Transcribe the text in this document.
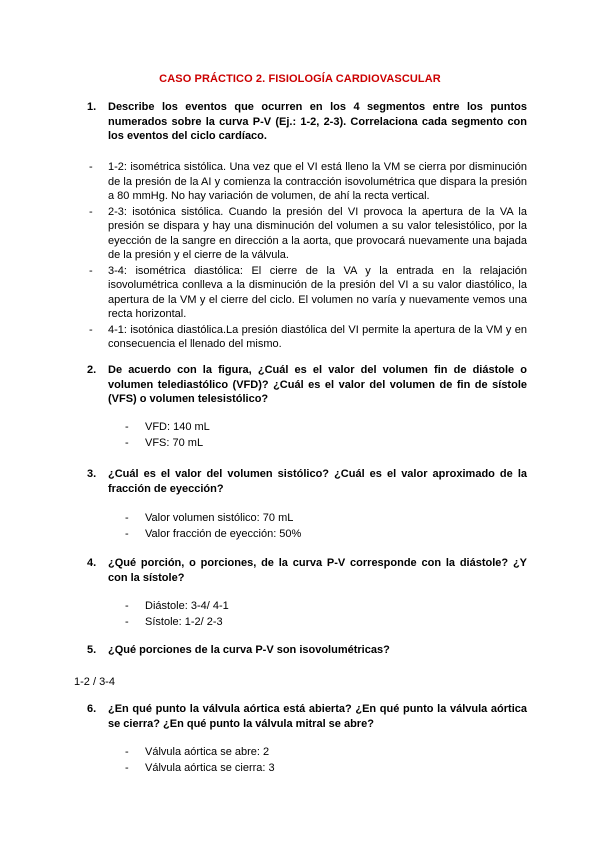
CASO PRÁCTICO 2. FISIOLOGÍA CARDIOVASCULAR
1. Describe los eventos que ocurren en los 4 segmentos entre los puntos numerados sobre la curva P-V (Ej.: 1-2, 2-3). Correlaciona cada segmento con los eventos del ciclo cardíaco.
- 1-2: isométrica sistólica. Una vez que el VI está lleno la VM se cierra por disminución de la presión de la AI y comienza la contracción isovolumétrica que dispara la presión a 80 mmHg. No hay variación de volumen, de ahí la recta vertical.
- 2-3: isotónica sistólica. Cuando la presión del VI provoca la apertura de la VA la presión se dispara y hay una disminución del volumen a su valor telesistólico, por la eyección de la sangre en dirección a la aorta, que provocará nuevamente una bajada de la presión y el cierre de la válvula.
- 3-4: isométrica diastólica: El cierre de la VA y la entrada en la relajación isovolumétrica conlleva a la disminución de la presión del VI a su valor diastólico, la apertura de la VM y el cierre del ciclo. El volumen no varía y nuevamente vemos una recta horizontal.
- 4-1: isotónica diastólica.La presión diastólica del VI permite la apertura de la VM y en consecuencia el llenado del mismo.
2. De acuerdo con la figura, ¿Cuál es el valor del volumen fin de diástole o volumen telediastólico (VFD)? ¿Cuál es el valor del volumen de fin de sístole (VFS) o volumen telesistólico?
- VFD: 140 mL
- VFS: 70 mL
3. ¿Cuál es el valor del volumen sistólico? ¿Cuál es el valor aproximado de la fracción de eyección?
- Valor volumen sistólico: 70 mL
- Valor fracción de eyección: 50%
4. ¿Qué porción, o porciones, de la curva P-V corresponde con la diástole? ¿Y con la sístole?
- Diástole: 3-4/ 4-1
- Sístole: 1-2/ 2-3
5. ¿Qué porciones de la curva P-V son isovolumétricas?
1-2 / 3-4
6. ¿En qué punto la válvula aórtica está abierta? ¿En qué punto la válvula aórtica se cierra? ¿En qué punto la válvula mitral se abre?
- Válvula aórtica se abre: 2
- Válvula aórtica se cierra: 3
